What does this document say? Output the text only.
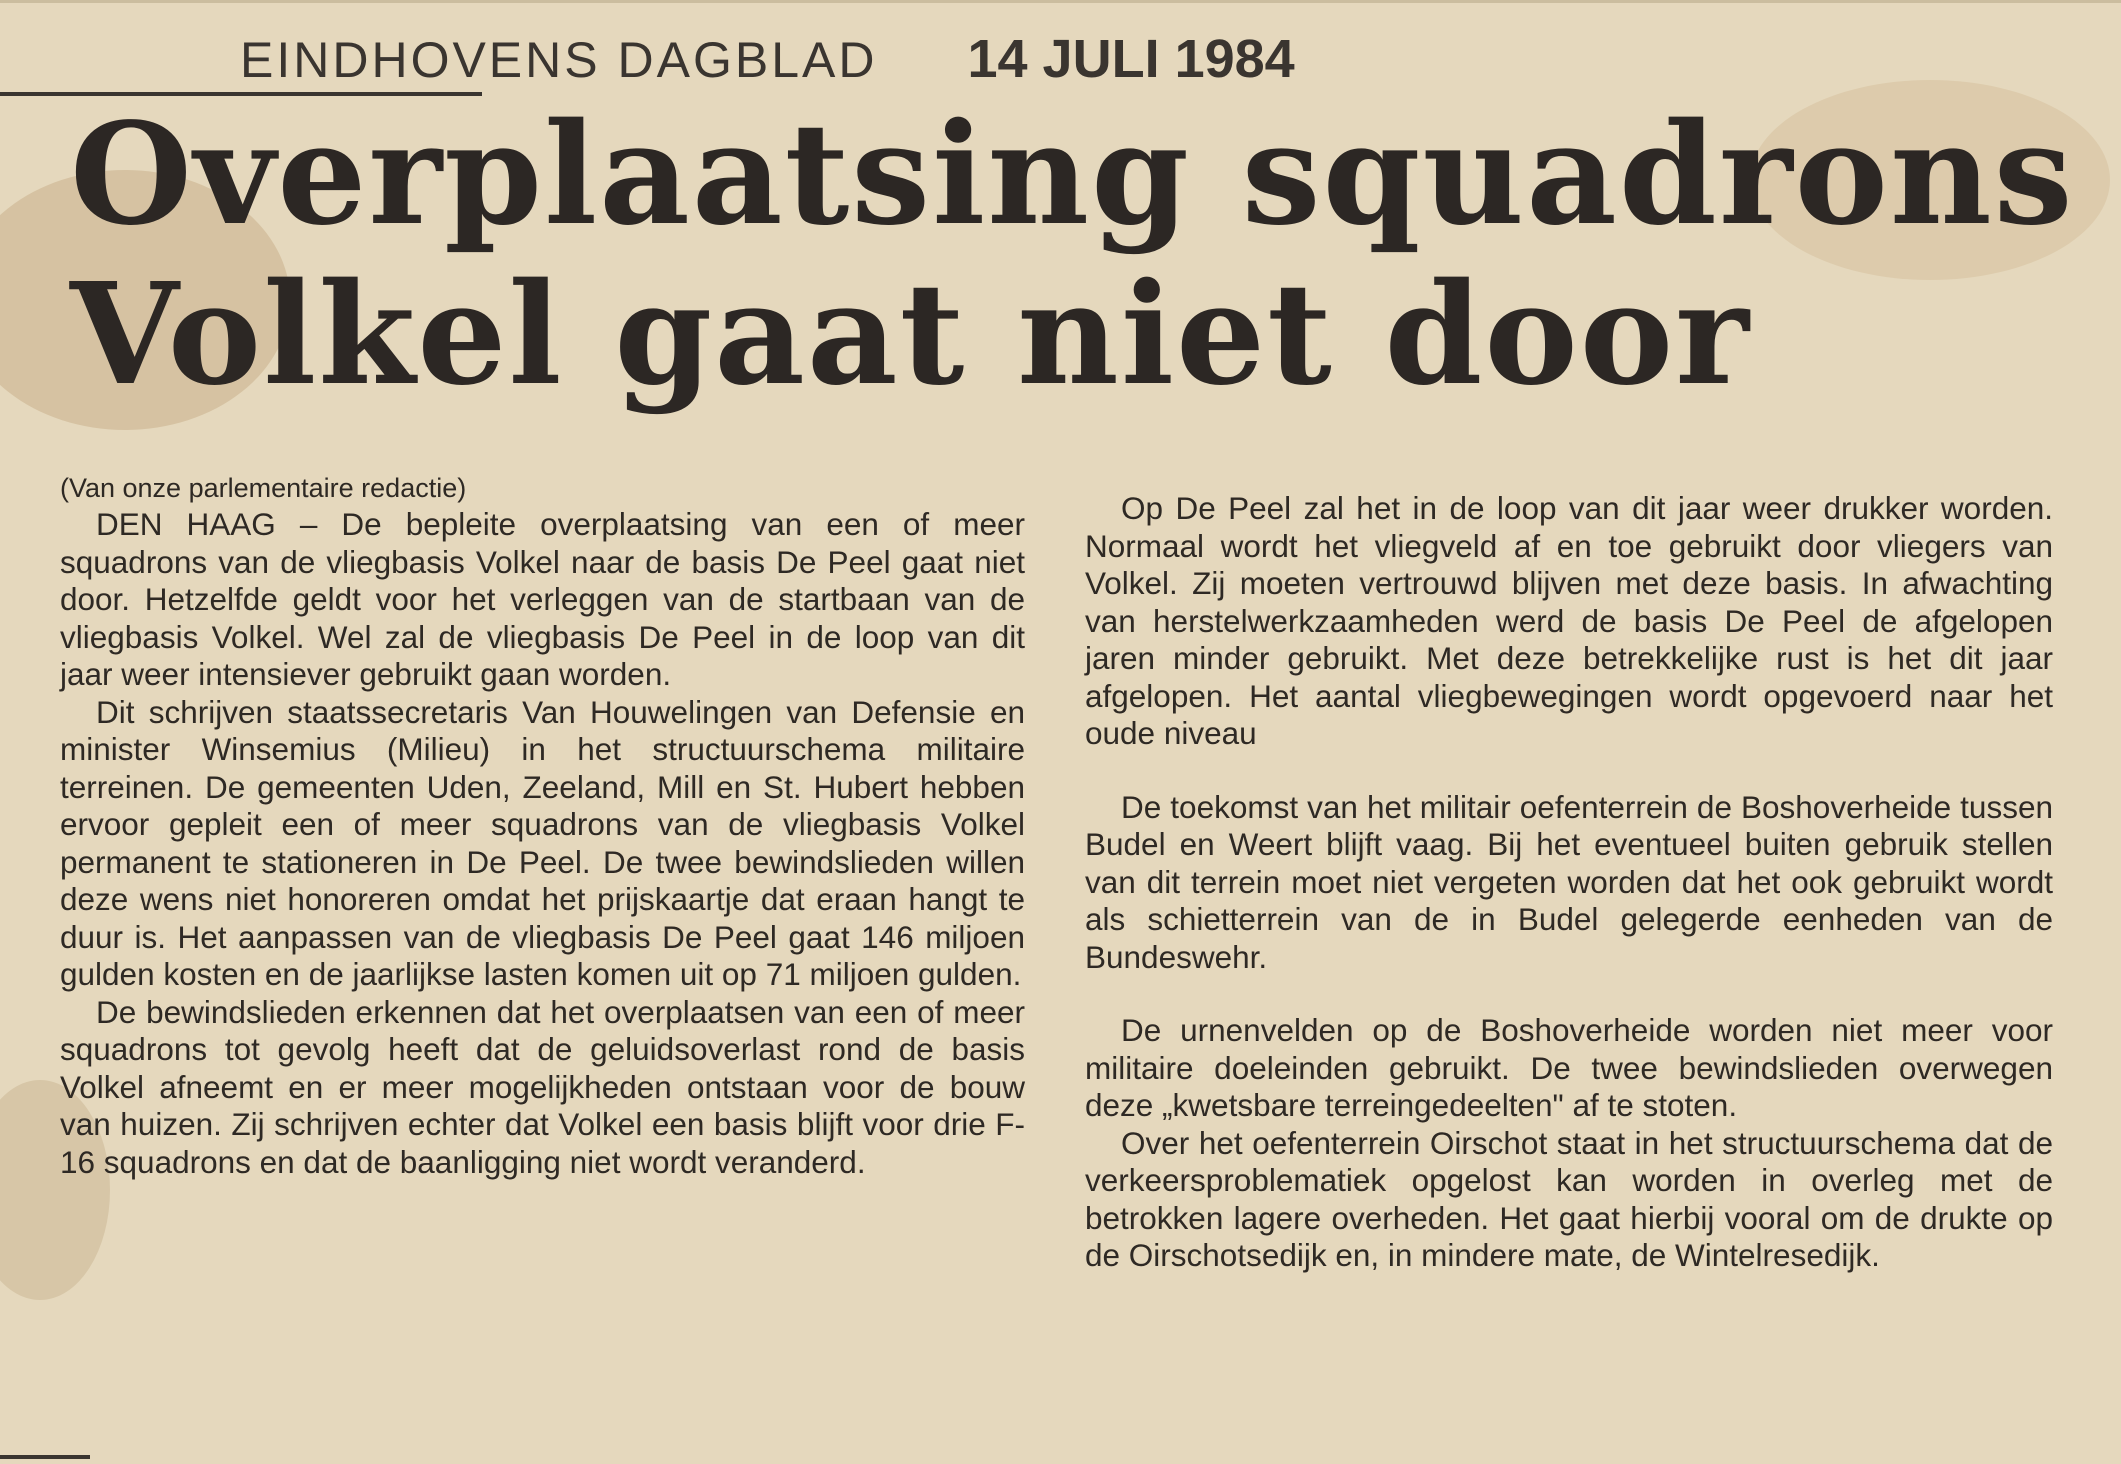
EINDHOVENS DAGBLAD 14 JULI 1984
Overplaatsing squadrons
Volkel gaat niet door

(Van onze parlementaire redactie)

DEN HAAG – De bepleite overplaatsing van een of meer squadrons van de vliegbasis Volkel naar de basis De Peel gaat niet door. Hetzelfde geldt voor het verleggen van de startbaan van de vliegbasis Volkel. Wel zal de vliegbasis De Peel in de loop van dit jaar weer intensiever gebruikt gaan worden.

Dit schrijven staatssecretaris Van Houwelingen van Defensie en minister Winsemius (Milieu) in het structuurschema militaire terreinen. De gemeenten Uden, Zeeland, Mill en St. Hubert hebben ervoor gepleit een of meer squadrons van de vliegbasis Volkel permanent te stationeren in De Peel. De twee bewindslieden willen deze wens niet honoreren omdat het prijskaartje dat eraan hangt te duur is. Het aanpassen van de vliegbasis De Peel gaat 146 miljoen gulden kosten en de jaarlijkse lasten komen uit op 71 miljoen gulden.

De bewindslieden erkennen dat het overplaatsen van een of meer squadrons tot gevolg heeft dat de geluidsoverlast rond de basis Volkel afneemt en er meer mogelijkheden ontstaan voor de bouw van huizen. Zij schrijven echter dat Volkel een basis blijft voor drie F-16 squadrons en dat de baanligging niet wordt veranderd.

Op De Peel zal het in de loop van dit jaar weer drukker worden. Normaal wordt het vliegveld af en toe gebruikt door vliegers van Volkel. Zij moeten vertrouwd blijven met deze basis. In afwachting van herstelwerkzaamheden werd de basis De Peel de afgelopen jaren minder gebruikt. Met deze betrekkelijke rust is het dit jaar afgelopen. Het aantal vliegbewegingen wordt opgevoerd naar het oude niveau

De toekomst van het militair oefenterrein de Boshoverheide tussen Budel en Weert blijft vaag. Bij het eventueel buiten gebruik stellen van dit terrein moet niet vergeten worden dat het ook gebruikt wordt als schietterrein van de in Budel gelegerde eenheden van de Bundeswehr.

De urnenvelden op de Boshoverheide worden niet meer voor militaire doeleinden gebruikt. De twee bewindslieden overwegen deze „kwetsbare terreingedeelten" af te stoten.

Over het oefenterrein Oirschot staat in het structuurschema dat de verkeersproblematiek opgelost kan worden in overleg met de betrokken lagere overheden. Het gaat hierbij vooral om de drukte op de Oirschotsedijk en, in mindere mate, de Wintelresedijk.
